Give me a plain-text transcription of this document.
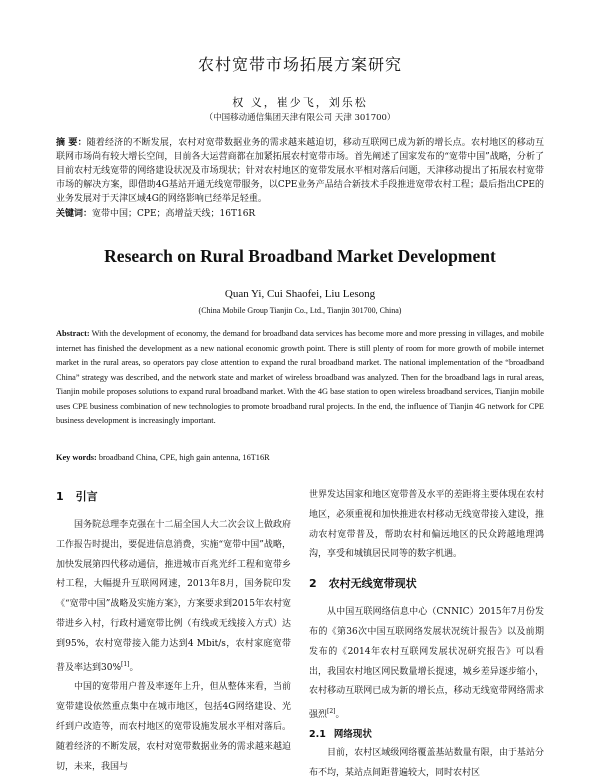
农村宽带市场拓展方案研究
权 义，崔少飞，刘乐松
（中国移动通信集团天津有限公司 天津 301700）
摘 要：随着经济的不断发展，农村对宽带数据业务的需求越来越迫切，移动互联网已成为新的增长点。农村地区的移动互联网市场尚有较大增长空间，目前各大运营商都在加紧拓展农村宽带市场。首先阐述了国家发布的“宽带中国”战略，分析了目前农村无线宽带的网络建设状况及市场现状；针对农村地区的宽带发展水平相对落后问题，天津移动提出了拓展农村宽带市场的解决方案，即借助4G基站开通无线宽带服务，以CPE业务产品结合新技术手段推进宽带农村工程；最后指出CPE的业务发展对于天津区域4G的网络影响已经举足轻重。
关键词：宽带中国；CPE；高增益天线；16T16R
Research on Rural Broadband Market Development
Quan Yi, Cui Shaofei, Liu Lesong
(China Mobile Group Tianjin Co., Ltd., Tianjin 301700, China)
Abstract: With the development of economy, the demand for broadband data services has become more and more pressing in villages, and mobile internet has finished the development as a new national economic growth point. There is still plenty of room for more growth of mobile internet market in the rural areas, so operators pay close attention to expand the rural broadband market. The national implementation of the “broadband China” strategy was described, and the network state and market of wireless broadband was analyzed. Then for the broadband lags in rural areas, Tianjin mobile proposes solutions to expand rural broadband market. With the 4G base station to open wireless broadband services, Tianjin mobile uses CPE business combination of new technologies to promote broadband rural projects. In the end, the influence of Tianjin 4G network for CPE business development is increasingly important.
Key words: broadband China, CPE, high gain antenna, 16T16R
1 引言

国务院总理李克强在十二届全国人大二次会议上做政府工作报告时提出，要促进信息消费，实施“宽带中国”战略，加快发展第四代移动通信，推进城市百兆光纤工程和宽带乡村工程，大幅提升互联网网速，2013年8月，国务院印发《“宽带中国”战略及实施方案》，方案要求到2015年农村宽带进乡入村，行政村通宽带比例（有线或无线接入方式）达到95%，农村宽带接入能力达到4 Mbit/s，农村家庭宽带普及率达到30%[1]。

中国的宽带用户普及率逐年上升，但从整体来看，当前宽带建设依然重点集中在城市地区，包括4G网络建设、光纤到户改造等，而农村地区的宽带设施发展水平相对落后。随着经济的不断发展，农村对宽带数据业务的需求越来越迫切，未来，我国与

世界发达国家和地区宽带普及水平的差距将主要体现在农村地区，必须重视和加快推进农村移动无线宽带接入建设，推动农村宽带普及，帮助农村和偏远地区的民众跨越地理鸿沟，享受和城镇居民同等的数字机遇。

2 农村无线宽带现状

从中国互联网络信息中心（CNNIC）2015年7月份发布的《第36次中国互联网络发展状况统计报告》以及前期发布的《2014年农村互联网发展状况研究报告》可以看出，我国农村地区网民数量增长提速，城乡差异逐步缩小，农村移动互联网已成为新的增长点，移动无线宽带网络需求强烈[2]。

2.1 网络现状

目前，农村区域级网络覆盖基站数量有限，由于基站分布不均，某站点间距普遍较大，同时农村区
